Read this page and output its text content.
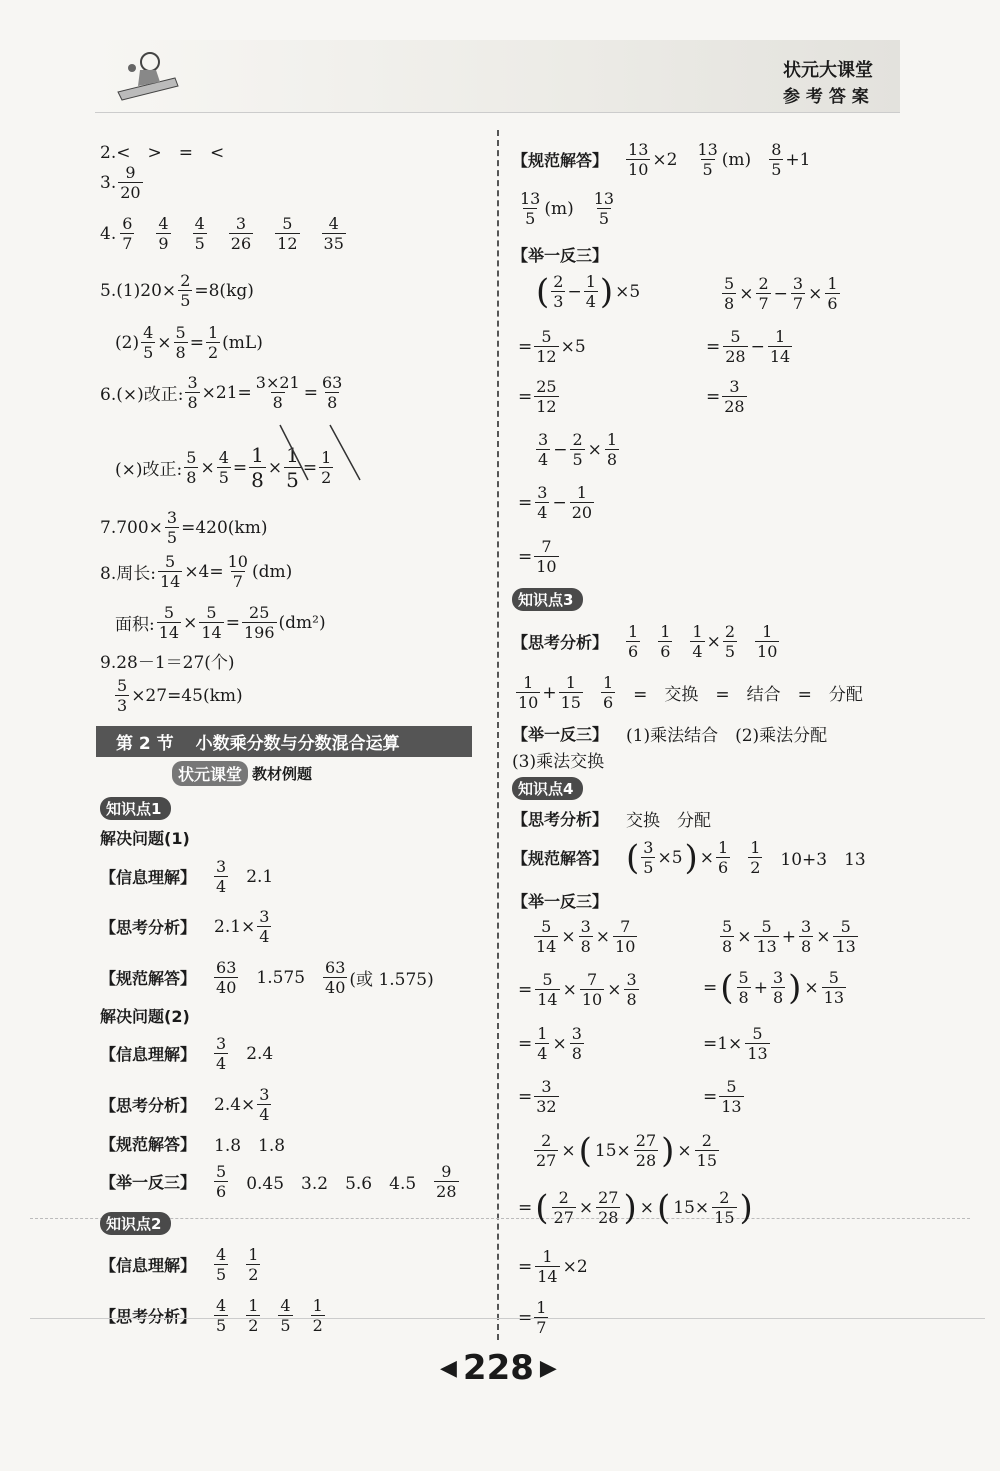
状元大课堂
参 考 答 案
2.<　>　=　<
3. $\frac{9}{20}$
4. $\frac{6}{7} \frac{4}{9} \frac{4}{5} \frac{3}{26} \frac{5}{12} \frac{4}{35}$
$5.(1)20\times \frac{2}{5} =8(kg)$
$(2) \frac{4}{5} \times \frac{5}{8} = \frac{1}{2} (mL)$
6.(×)改正: $\frac{3}{8} \times 21= \frac{3\times 21}{8} = \frac{63}{8}$
(×)改正: $\frac{5}{8} \times \frac{4}{5} = \frac{1}{8} \times \frac{1}{5} = \frac{1}{2}$
$7.700\times \frac{3}{5} =420(km)$
8.周长: $\frac{5}{14} \times 4= \frac{10}{7} (dm)$
面积: $\frac{5}{14} \times \frac{5}{14} = \frac{25}{196} (dm^2)$
9.28－1＝27(个)
$\frac{5}{3} \times 27=45(km)$
第 2 节 小数乘分数与分数混合运算
状元课堂 教材例题
知识点1
解决问题(1)
【信息理解】 $\frac{3}{4} 2.1$
【思考分析】 $2.1\times \frac{3}{4}$
【规范解答】 $\frac{63}{40} 1.575 \frac{63}{40}$ (或 1.575)
解决问题(2)
【信息理解】 $\frac{3}{4} 2.4$
【思考分析】 $2.4\times \frac{3}{4}$
【规范解答】 1.8　1.8
【举一反三】 $\frac{5}{6} 0.45$　3.2　5.6　$4.5 \frac{9}{28}$
知识点2
【信息理解】 $\frac{4}{5} \frac{1}{2}$
【思考分析】 $\frac{4}{5} \frac{1}{2} \frac{4}{5} \frac{1}{2}$
【规范解答】 $\frac{13}{10} \times 2 \frac{13}{5} (m) \frac{8}{5} +1$
$\frac{13}{5} (m) \frac{13}{5}$
【举一反三】
( $\frac{2}{3} - \frac{1}{4}$ ) ×5
= $\frac{5}{12} \times 5$
= $\frac{25}{12}$
$\frac{5}{8} \times \frac{2}{7} - \frac{3}{7} \times \frac{1}{6}$
= $\frac{5}{28} - \frac{1}{14}$
= $\frac{3}{28}$
$\frac{3}{4} - \frac{2}{5} \times \frac{1}{8}$
= $\frac{3}{4} - \frac{1}{20}$
= $\frac{7}{10}$
知识点3
【思考分析】 $\frac{1}{6} \frac{1}{6} \frac{1}{4} \times \frac{2}{5} \frac{1}{10}$
$\frac{1}{10} + \frac{1}{15} \frac{1}{6}$ =　交换　=　结合　=　分配
【举一反三】 (1)乘法结合　(2)乘法分配
(3)乘法交换
知识点4
【思考分析】 交换　分配
【规范解答】 ( $\frac{3}{5} \times 5$ ) × $\frac{1}{6} \frac{1}{2} 10+3$　13
【举一反三】
$\frac{5}{14} \times \frac{3}{8} \times \frac{7}{10}$
= $\frac{5}{14} \times \frac{7}{10} \times \frac{3}{8}$
= $\frac{1}{4} \times \frac{3}{8}$
= $\frac{3}{32}$
$\frac{5}{8} \times \frac{5}{13} + \frac{3}{8} \times \frac{5}{13}$
= ( $\frac{5}{8} + \frac{3}{8}$ ) × $\frac{5}{13}$
$=1\times \frac{5}{13}$
= $\frac{5}{13}$
$\frac{2}{27}$ × ( $15\times \frac{27}{28}$ ) × $\frac{2}{15}$
= ( $\frac{2}{27} \times \frac{27}{28}$ ) × ( $15\times \frac{2}{15}$ )
= $\frac{1}{14} \times 2$
= $\frac{1}{7}$
◀ 228 ▶
